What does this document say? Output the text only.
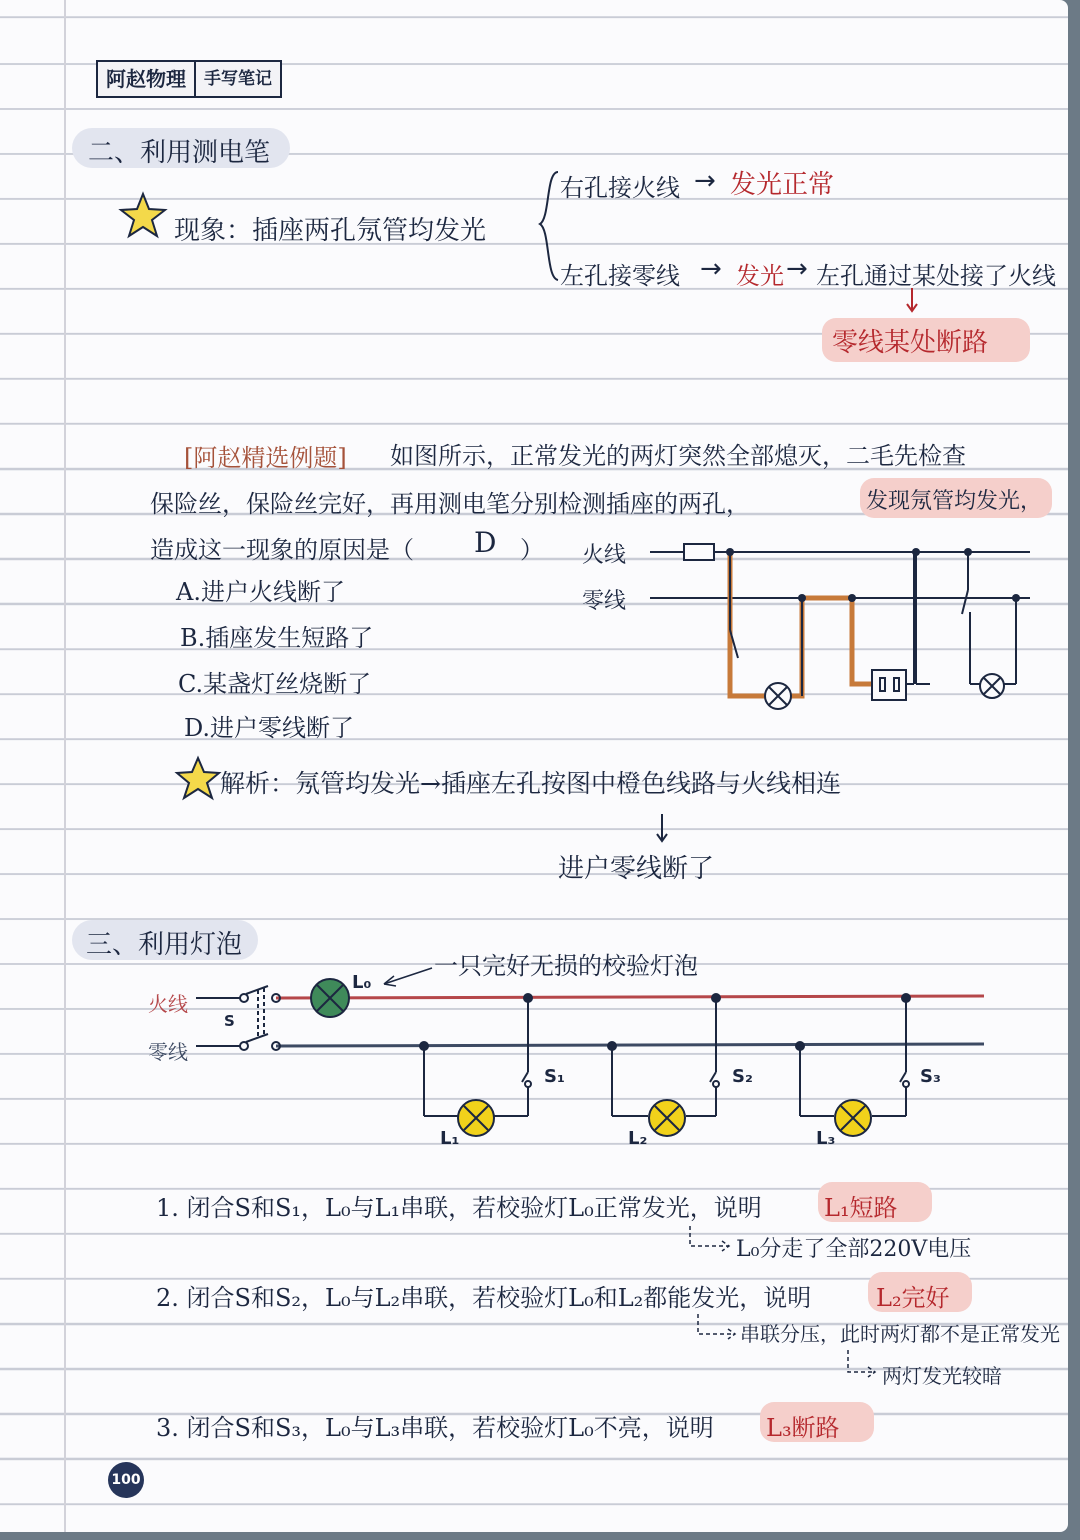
阿赵物理	手写笔记
二、利用测电笔
现象：插座两孔氖管均发光
右孔接火线 → 发光正常
左孔接零线 → 发光 → 左孔通过某处接了火线
零线某处断路
[阿赵精选例题] 如图所示，正常发光的两灯突然全部熄灭，二毛先检查
保险丝，保险丝完好，再用测电笔分别检测插座的两孔，	发现氖管均发光，
造成这一现象的原因是（ D ）
A.进户火线断了
B.插座发生短路了
C.某盏灯丝烧断了
D.进户零线断了
火线
零线
解析：氖管均发光→插座左孔按图中橙色线路与火线相连
进户零线断了
三、利用灯泡
火线
零线
S
L₀
一只完好无损的校验灯泡
L₁	L₂	L₃
S₁	S₂	S₃
1. 闭合S和S₁，L₀与L₁串联，若校验灯L₀正常发光，说明	L₁短路
L₀分走了全部220V电压
2. 闭合S和S₂，L₀与L₂串联，若校验灯L₀和L₂都能发光，说明	L₂完好
串联分压，此时两灯都不是正常发光
两灯发光较暗
3. 闭合S和S₃，L₀与L₃串联，若校验灯L₀不亮，说明 L₃断路
100
